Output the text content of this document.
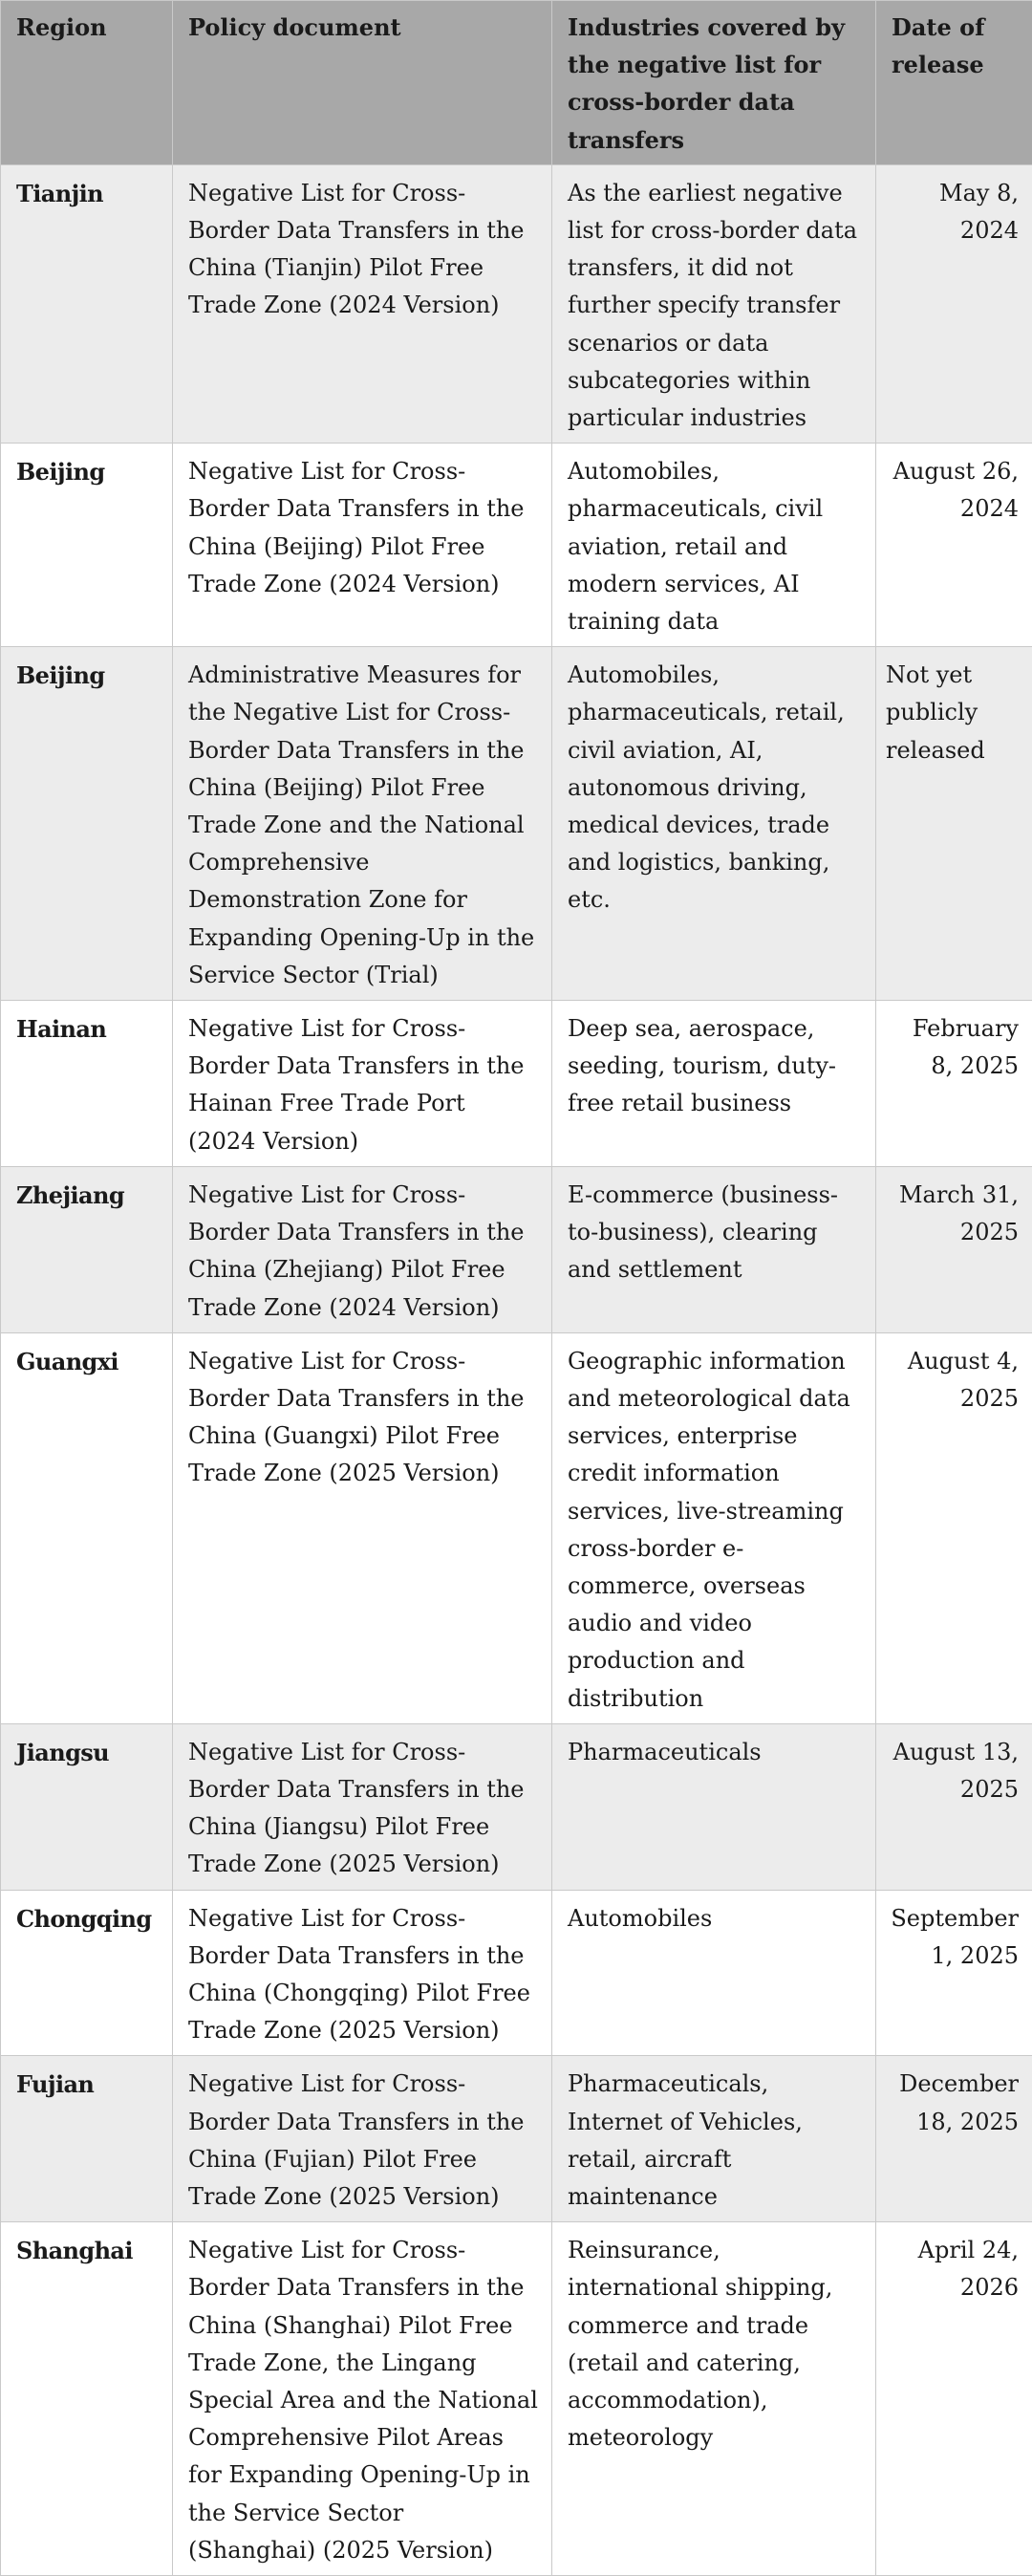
Region	Policy document	Industries covered by the negative list for cross-border data transfers	Date of release
Tianjin	Negative List for Cross-Border Data Transfers in the China (Tianjin) Pilot Free Trade Zone (2024 Version)	As the earliest negative list for cross-border data transfers, it did not further specify transfer scenarios or data subcategories within particular industries	May 8, 2024
Beijing	Negative List for Cross-Border Data Transfers in the China (Beijing) Pilot Free Trade Zone (2024 Version)	Automobiles, pharmaceuticals, civil aviation, retail and modern services, AI training data	August 26, 2024
Beijing	Administrative Measures for the Negative List for Cross-Border Data Transfers in the China (Beijing) Pilot Free Trade Zone and the National Comprehensive Demonstration Zone for Expanding Opening-Up in the Service Sector (Trial)	Automobiles, pharmaceuticals, retail, civil aviation, AI, autonomous driving, medical devices, trade and logistics, banking, etc.	Not yet publicly released
Hainan	Negative List for Cross-Border Data Transfers in the Hainan Free Trade Port (2024 Version)	Deep sea, aerospace, seeding, tourism, duty-free retail business	February 8, 2025
Zhejiang	Negative List for Cross-Border Data Transfers in the China (Zhejiang) Pilot Free Trade Zone (2024 Version)	E-commerce (business-to-business), clearing and settlement	March 31, 2025
Guangxi	Negative List for Cross-Border Data Transfers in the China (Guangxi) Pilot Free Trade Zone (2025 Version)	Geographic information and meteorological data services, enterprise credit information services, live-streaming cross-border e-commerce, overseas audio and video production and distribution	August 4, 2025
Jiangsu	Negative List for Cross-Border Data Transfers in the China (Jiangsu) Pilot Free Trade Zone (2025 Version)	Pharmaceuticals	August 13, 2025
Chongqing	Negative List for Cross-Border Data Transfers in the China (Chongqing) Pilot Free Trade Zone (2025 Version)	Automobiles	September 1, 2025
Fujian	Negative List for Cross-Border Data Transfers in the China (Fujian) Pilot Free Trade Zone (2025 Version)	Pharmaceuticals, Internet of Vehicles, retail, aircraft maintenance	December 18, 2025
Shanghai	Negative List for Cross-Border Data Transfers in the China (Shanghai) Pilot Free Trade Zone, the Lingang Special Area and the National Comprehensive Pilot Areas for Expanding Opening-Up in the Service Sector (Shanghai) (2025 Version)	Reinsurance, international shipping, commerce and trade (retail and catering, accommodation), meteorology	April 24, 2026
